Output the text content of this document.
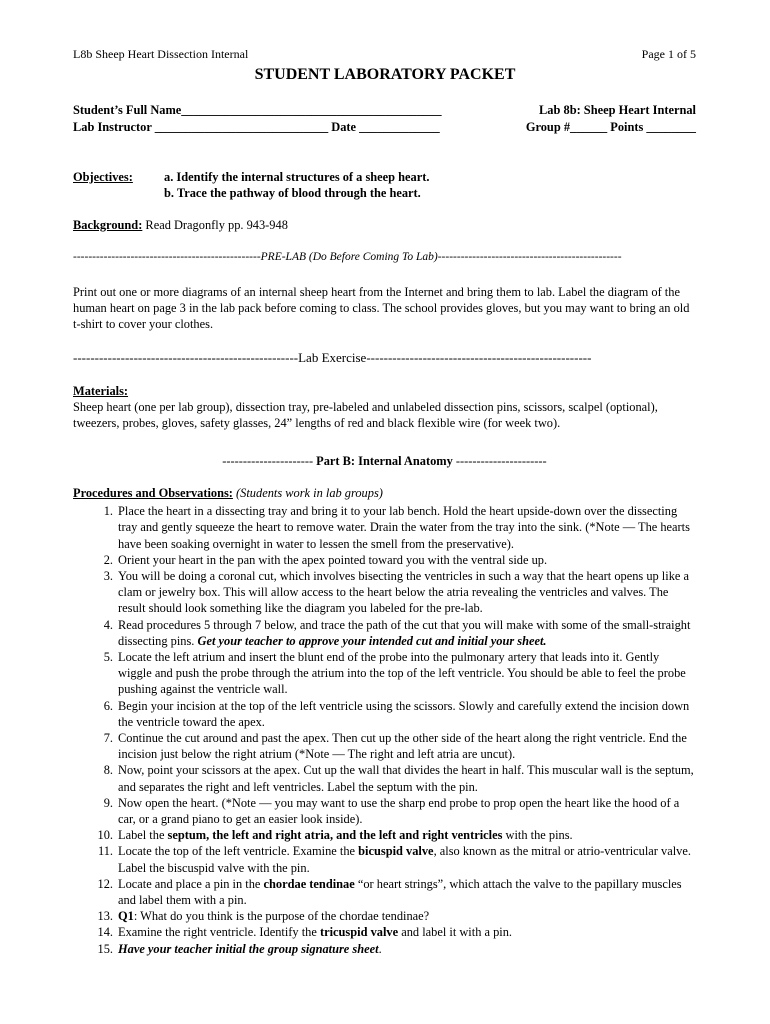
L8b Sheep Heart Dissection Internal	Page 1 of 5
STUDENT LABORATORY PACKET
Student’s Full Name__________________________________________	Lab 8b: Sheep Heart Internal
Lab Instructor ____________________________ Date _____________	Group #______ Points ________
Objectives:	a. Identify the internal structures of a sheep heart.
b. Trace the pathway of blood through the heart.
Background: Read Dragonfly pp. 943-948
-------------------------------------------------PRE-LAB (Do Before Coming To Lab)------------------------------------------------
Print out one or more diagrams of an internal sheep heart from the Internet and bring them to lab. Label the diagram of the human heart on page 3 in the lab pack before coming to class. The school provides gloves, but you may want to bring an old t-shirt to cover your clothes.
----------------------------------------------------Lab Exercise----------------------------------------------------
Materials:
Sheep heart (one per lab group), dissection tray, pre-labeled and unlabeled dissection pins, scissors, scalpel (optional), tweezers, probes, gloves, safety glasses, 24” lengths of red and black flexible wire (for week two).
---------------------- Part B: Internal Anatomy ----------------------
Procedures and Observations: (Students work in lab groups)
1. Place the heart in a dissecting tray and bring it to your lab bench. Hold the heart upside-down over the dissecting tray and gently squeeze the heart to remove water. Drain the water from the tray into the sink. (*Note — The hearts have been soaking overnight in water to lessen the smell from the preservative).
2. Orient your heart in the pan with the apex pointed toward you with the ventral side up.
3. You will be doing a coronal cut, which involves bisecting the ventricles in such a way that the heart opens up like a clam or jewelry box. This will allow access to the heart below the atria revealing the ventricles and valves. The result should look something like the diagram you labeled for the pre-lab.
4. Read procedures 5 through 7 below, and trace the path of the cut that you will make with some of the small-straight dissecting pins. Get your teacher to approve your intended cut and initial your sheet.
5. Locate the left atrium and insert the blunt end of the probe into the pulmonary artery that leads into it. Gently wiggle and push the probe through the atrium into the top of the left ventricle. You should be able to feel the probe pushing against the ventricle wall.
6. Begin your incision at the top of the left ventricle using the scissors. Slowly and carefully extend the incision down the ventricle toward the apex.
7. Continue the cut around and past the apex. Then cut up the other side of the heart along the right ventricle. End the incision just below the right atrium (*Note — The right and left atria are uncut).
8. Now, point your scissors at the apex. Cut up the wall that divides the heart in half. This muscular wall is the septum, and separates the right and left ventricles. Label the septum with the pin.
9. Now open the heart. (*Note — you may want to use the sharp end probe to prop open the heart like the hood of a car, or a grand piano to get an easier look inside).
10. Label the septum, the left and right atria, and the left and right ventricles with the pins.
11. Locate the top of the left ventricle. Examine the bicuspid valve, also known as the mitral or atrio-ventricular valve. Label the biscuspid valve with the pin.
12. Locate and place a pin in the chordae tendinae “or heart strings”, which attach the valve to the papillary muscles and label them with a pin.
13. Q1: What do you think is the purpose of the chordae tendinae?
14. Examine the right ventricle. Identify the tricuspid valve and label it with a pin.
15. Have your teacher initial the group signature sheet.
